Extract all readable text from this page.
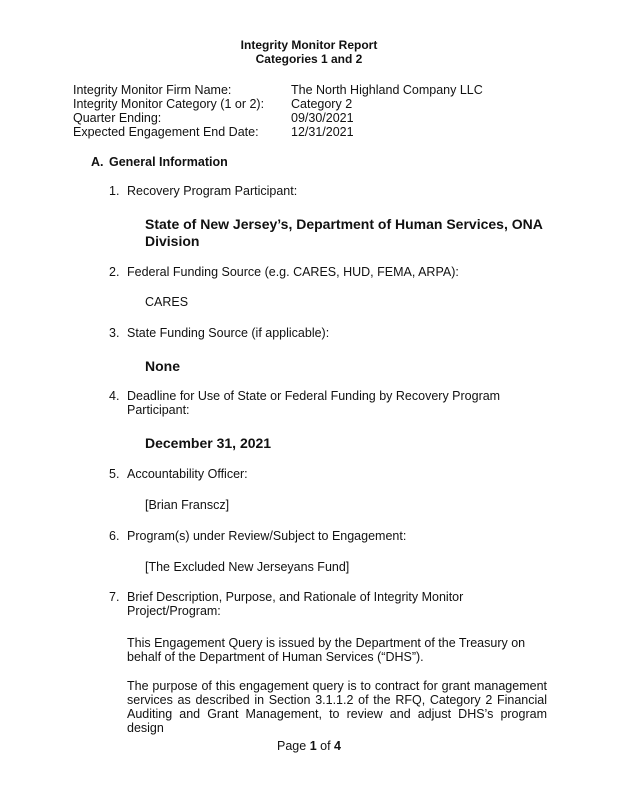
Integrity Monitor Report
Categories 1 and 2
Integrity Monitor Firm Name:	The North Highland Company LLC
Integrity Monitor Category (1 or 2): Category 2
Quarter Ending:	09/30/2021
Expected Engagement End Date:	12/31/2021
A. General Information
1. Recovery Program Participant:
State of New Jersey’s, Department of Human Services, ONA
Division
2. Federal Funding Source (e.g. CARES, HUD, FEMA, ARPA):
CARES
3. State Funding Source (if applicable):
None
4. Deadline for Use of State or Federal Funding by Recovery Program
Participant:
December 31, 2021
5. Accountability Officer:
[Brian Franscz]
6. Program(s) under Review/Subject to Engagement:
[The Excluded New Jerseyans Fund]
7. Brief Description, Purpose, and Rationale of Integrity Monitor
Project/Program:
This Engagement Query is issued by the Department of the Treasury on behalf of the Department of Human Services (“DHS”).
The purpose of this engagement query is to contract for grant management services as described in Section 3.1.1.2 of the RFQ, Category 2 Financial Auditing and Grant Management, to review and adjust DHS’s program design
Page 1 of 4
